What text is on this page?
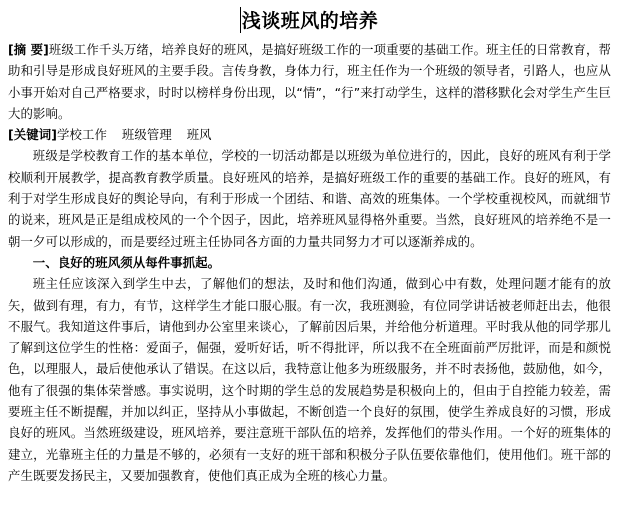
浅谈班风的培养

[摘 要]班级工作千头万绪，培养良好的班风，是搞好班级工作的一项重要的基础工作。班主任的日常教育，帮助和引导是形成良好班风的主要手段。言传身教，身体力行，班主任作为一个班级的领导者，引路人，也应从小事开始对自己严格要求，时时以榜样身份出现，以“情”，“行”来打动学生，这样的潜移默化会对学生产生巨大的影响。

[关键词]学校工作 班级管理 班风

班级是学校教育工作的基本单位，学校的一切活动都是以班级为单位进行的，因此，良好的班风有利于学校顺利开展教学，提高教育教学质量。良好班风的培养，是搞好班级工作的重要的基础工作。良好的班风，有利于对学生形成良好的舆论导向，有利于形成一个团结、和谐、高效的班集体。一个学校重视校风，而就细节的说来，班风是正是组成校风的一个个因子，因此，培养班风显得格外重要。当然，良好班风的培养绝不是一朝一夕可以形成的，而是要经过班主任协同各方面的力量共同努力才可以逐渐养成的。

一、良好的班风须从每件事抓起。

班主任应该深入到学生中去，了解他们的想法，及时和他们沟通，做到心中有数，处理问题才能有的放矢，做到有理，有力，有节，这样学生才能口服心服。有一次，我班测验，有位同学讲话被老师赶出去，他很不服气。我知道这件事后，请他到办公室里来谈心，了解前因后果，并给他分析道理。平时我从他的同学那儿了解到这位学生的性格：爱面子，倔强，爱听好话，听不得批评，所以我不在全班面前严厉批评，而是和颜悦色，以理服人，最后使他承认了错误。在这以后，我特意让他多为班级服务，并不时表扬他，鼓励他，如今，他有了很强的集体荣誉感。事实说明，这个时期的学生总的发展趋势是积极向上的，但由于自控能力较差，需要班主任不断提醒，并加以纠正，坚持从小事做起，不断创造一个良好的氛围，使学生养成良好的习惯，形成良好的班风。当然班级建设，班风培养，要注意班干部队伍的培养，发挥他们的带头作用。一个好的班集体的建立，光靠班主任的力量是不够的，必须有一支好的班干部和积极分子队伍要依靠他们，使用他们。班干部的产生既要发扬民主，又要加强教育，使他们真正成为全班的核心力量。
